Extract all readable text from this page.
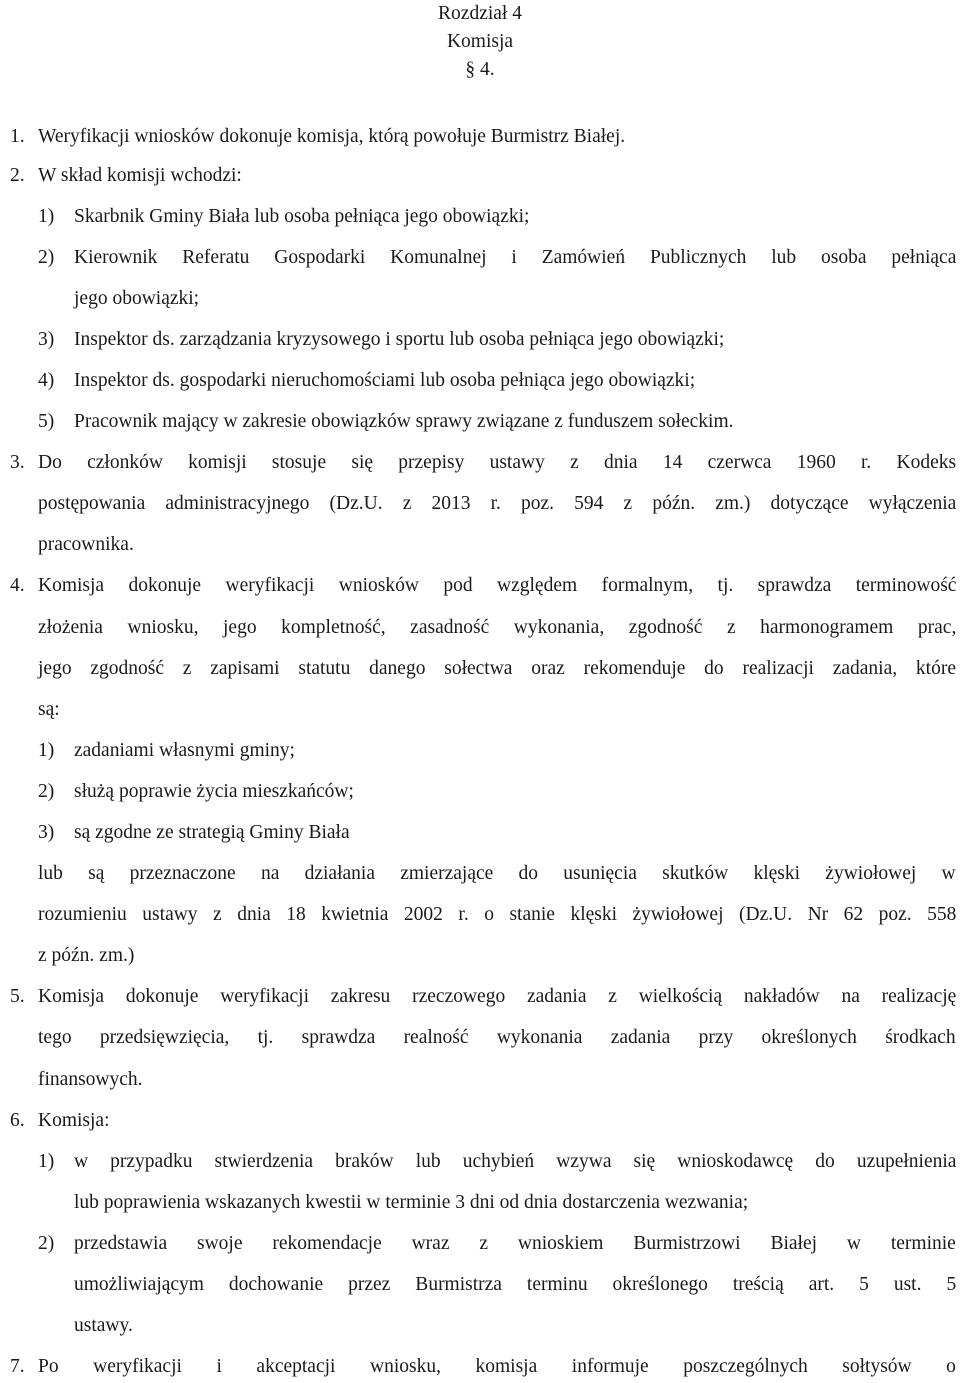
Rozdział 4
Komisja
§ 4.
1. Weryfikacji wniosków dokonuje komisja, którą powołuje Burmistrz Białej.
2. W skład komisji wchodzi:
1) Skarbnik Gminy Biała lub osoba pełniąca jego obowiązki;
2) Kierownik Referatu Gospodarki Komunalnej i Zamówień Publicznych lub osoba pełniąca
jego obowiązki;
3) Inspektor ds. zarządzania kryzysowego i sportu lub osoba pełniąca jego obowiązki;
4) Inspektor ds. gospodarki nieruchomościami lub osoba pełniąca jego obowiązki;
5) Pracownik mający w zakresie obowiązków sprawy związane z funduszem sołeckim.
3. Do członków komisji stosuje się przepisy ustawy z dnia 14 czerwca 1960 r. Kodeks
postępowania administracyjnego (Dz.U. z 2013 r. poz. 594 z późn. zm.) dotyczące wyłączenia
pracownika.
4. Komisja dokonuje weryfikacji wniosków pod względem formalnym, tj. sprawdza terminowość
złożenia wniosku, jego kompletność, zasadność wykonania, zgodność z harmonogramem prac,
jego zgodność z zapisami statutu danego sołectwa oraz rekomenduje do realizacji zadania, które
są:
1) zadaniami własnymi gminy;
2) służą poprawie życia mieszkańców;
3) są zgodne ze strategią Gminy Biała
lub są przeznaczone na działania zmierzające do usunięcia skutków klęski żywiołowej w
rozumieniu ustawy z dnia 18 kwietnia 2002 r. o stanie klęski żywiołowej (Dz.U. Nr 62 poz. 558
z późn. zm.)
5. Komisja dokonuje weryfikacji zakresu rzeczowego zadania z wielkością nakładów na realizację
tego przedsięwzięcia, tj. sprawdza realność wykonania zadania przy określonych środkach
finansowych.
6. Komisja:
1) w przypadku stwierdzenia braków lub uchybień wzywa się wnioskodawcę do uzupełnienia
lub poprawienia wskazanych kwestii w terminie 3 dni od dnia dostarczenia wezwania;
2) przedstawia swoje rekomendacje wraz z wnioskiem Burmistrzowi Białej w terminie
umożliwiającym dochowanie przez Burmistrza terminu określonego treścią art. 5 ust. 5
ustawy.
7. Po weryfikacji i akceptacji wniosku, komisja informuje poszczególnych sołtysów o
